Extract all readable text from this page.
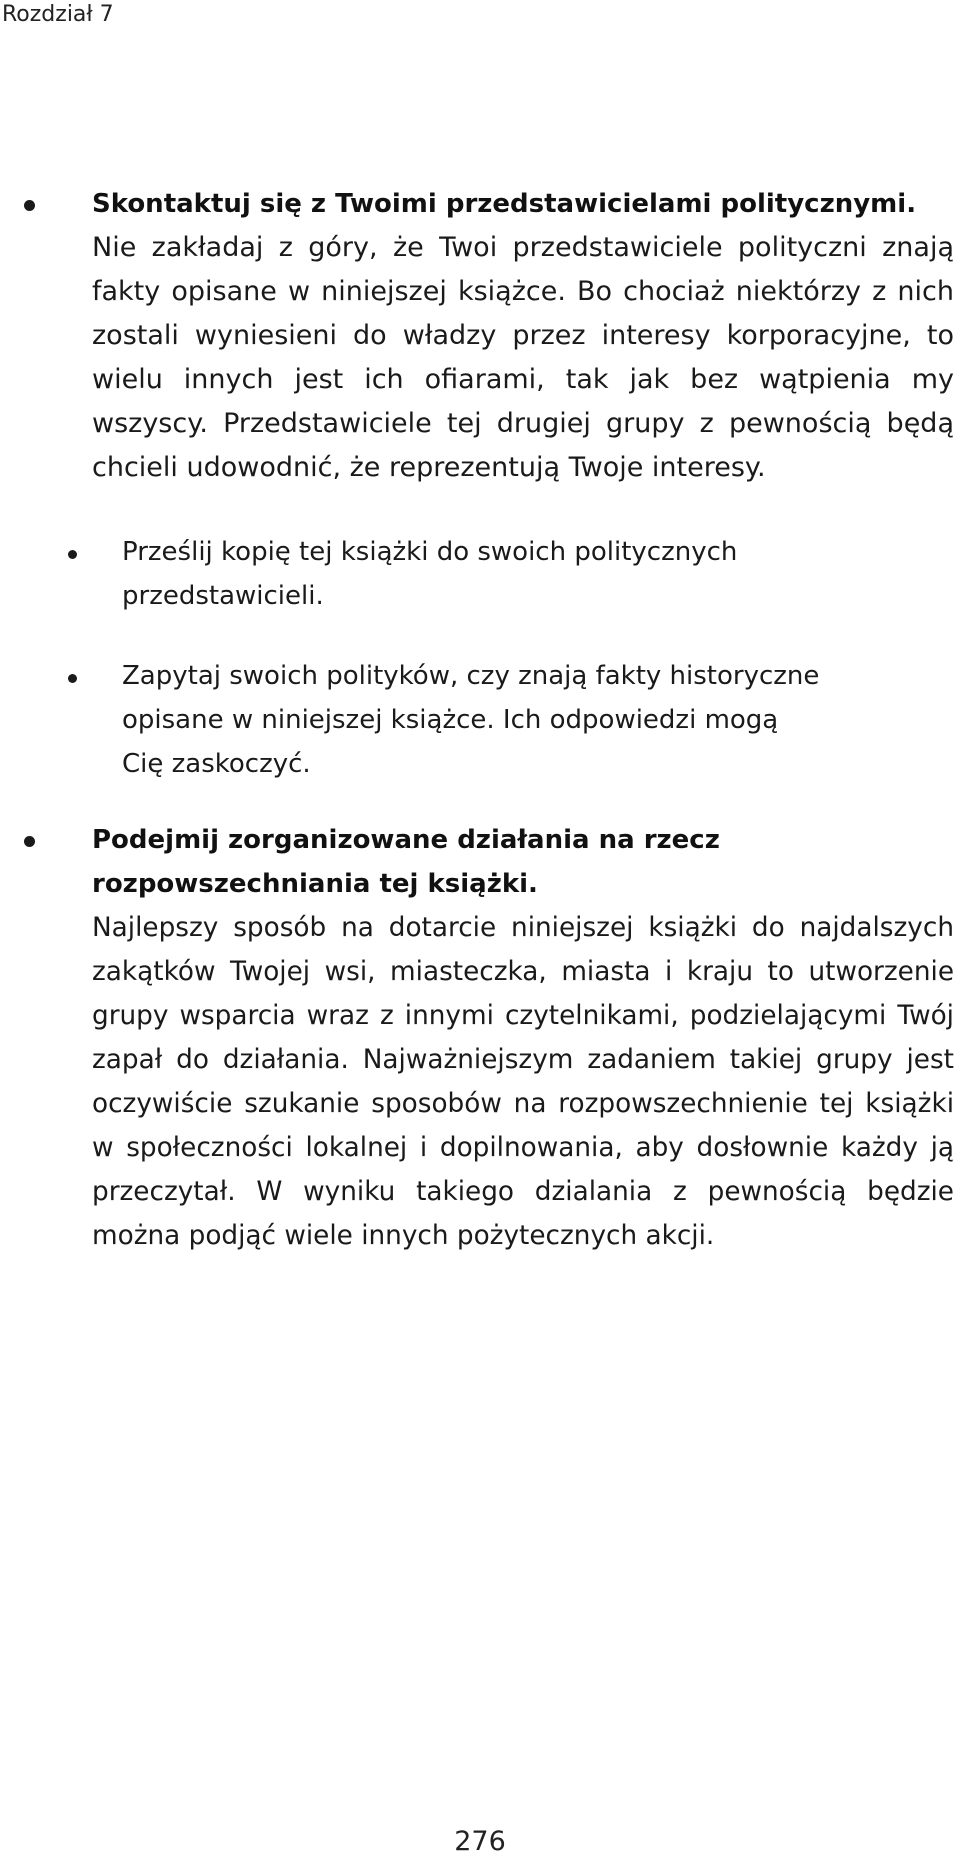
Rozdział 7
Skontaktuj się z Twoimi przedstawicielami politycznymi.
Nie zakładaj z góry, że Twoi przedstawiciele polityczni znają fakty opisane w niniejszej książce. Bo chociaż niektórzy z nich zostali wyniesieni do władzy przez interesy korporacyjne, to wielu innych jest ich ofiarami, tak jak bez wątpienia my wszyscy. Przedstawiciele tej drugiej grupy z pewnością będą chcieli udowodnić, że reprezentują Twoje interesy.
Prześlij kopię tej książki do swoich politycznych przedstawicieli.
Zapytaj swoich polityków, czy znają fakty historyczne opisane w niniejszej książce. Ich odpowiedzi mogą Cię zaskoczyć.
Podejmij zorganizowane działania na rzecz rozpowszechniania tej książki.
Najlepszy sposób na dotarcie niniejszej książki do najdalszych zakątków Twojej wsi, miasteczka, miasta i kraju to utworzenie grupy wsparcia wraz z innymi czytelnikami, podzielającymi Twój zapał do działania. Najważniejszym zadaniem takiej grupy jest oczywiście szukanie sposobów na rozpowszechnienie tej książki w społeczności lokalnej i dopilnowania, aby dosłownie każdy ją przeczytał. W wyniku takiego dzialania z pewnością będzie można podjąć wiele innych pożytecznych akcji.
276
